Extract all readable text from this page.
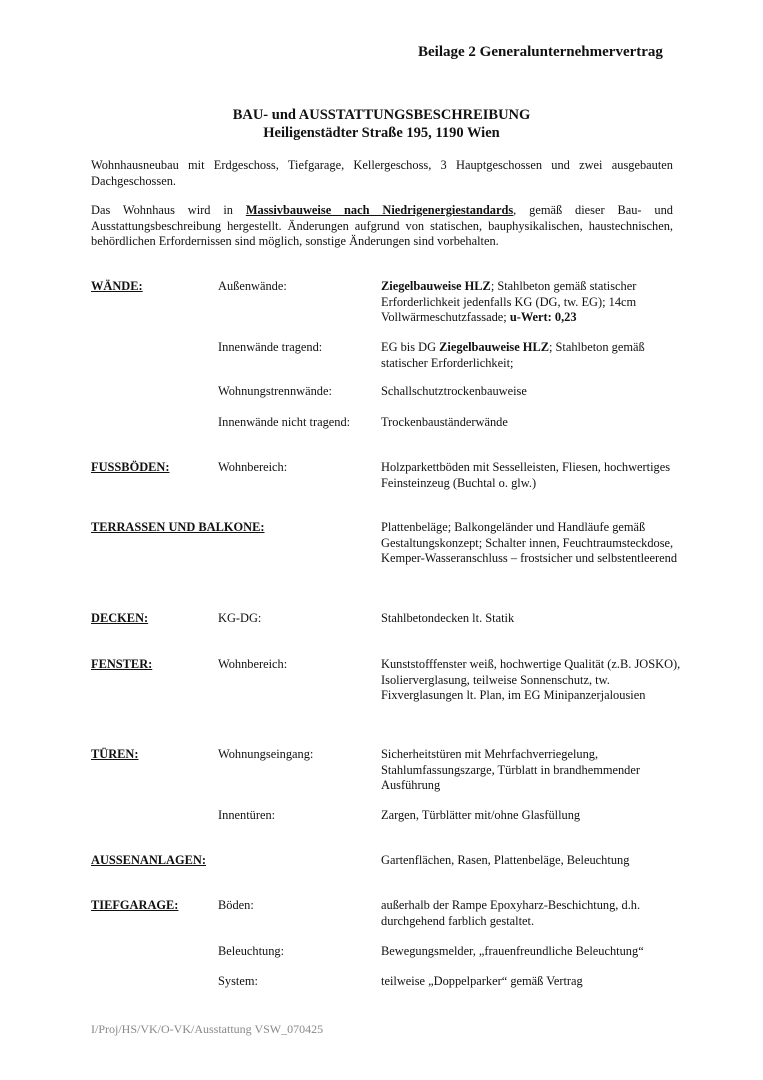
Beilage 2 Generalunternehmervertrag
BAU- und AUSSTATTUNGSBESCHREIBUNG
Heiligenstädter Straße 195, 1190 Wien
Wohnhausneubau mit Erdgeschoss, Tiefgarage, Kellergeschoss, 3 Hauptgeschossen und zwei ausgebauten Dachgeschossen.
Das Wohnhaus wird in Massivbauweise nach Niedrigenergiestandards, gemäß dieser Bau- und Ausstattungsbeschreibung hergestellt. Änderungen aufgrund von statischen, bauphysikalischen, haustechnischen, behördlichen Erfordernissen sind möglich, sonstige Änderungen sind vorbehalten.
WÄNDE:	Außenwände:	Ziegelbauweise HLZ; Stahlbeton gemäß statischer Erforderlichkeit jedenfalls KG (DG, tw. EG); 14cm Vollwärmeschutzfassade; u-Wert: 0,23
Innenwände tragend:	EG bis DG Ziegelbauweise HLZ; Stahlbeton gemäß statischer Erforderlichkeit;
Wohnungstrennwände:	Schallschutztrockenbauweise
Innenwände nicht tragend: Trockenbauständerwände
FUSSBÖDEN:	Wohnbereich:	Holzparkettböden mit Sesselleisten, Fliesen, hochwertiges Feinsteinzeug (Buchtal o. glw.)
TERRASSEN UND BALKONE:	Plattenbeläge; Balkongeländer und Handläufe gemäß Gestaltungskonzept; Schalter innen, Feuchtraumsteckdose, Kemper-Wasseranschluss – frostsicher und selbstentleerend
DECKEN:	KG-DG:	Stahlbetondecken lt. Statik
FENSTER:	Wohnbereich:	Kunststofffenster weiß, hochwertige Qualität (z.B. JOSKO), Isolierverglasung, teilweise Sonnenschutz, tw. Fixverglasungen lt. Plan, im EG Minipanzerjalousien
TÜREN:	Wohnungseingang:	Sicherheitstüren mit Mehrfachverriegelung, Stahlumfassungszarge, Türblatt in brandhemmender Ausführung
Innentüren:	Zargen, Türblätter mit/ohne Glasfüllung
AUSSENANLAGEN:	Gartenflächen, Rasen, Plattenbeläge, Beleuchtung
TIEFGARAGE:	Böden:	außerhalb der Rampe Epoxyharz-Beschichtung, d.h. durchgehend farblich gestaltet.
Beleuchtung:	Bewegungsmelder, „frauenfreundliche Beleuchtung“
System:	teilweise „Doppelparker“ gemäß Vertrag
I/Proj/HS/VK/O-VK/Ausstattung VSW_070425
